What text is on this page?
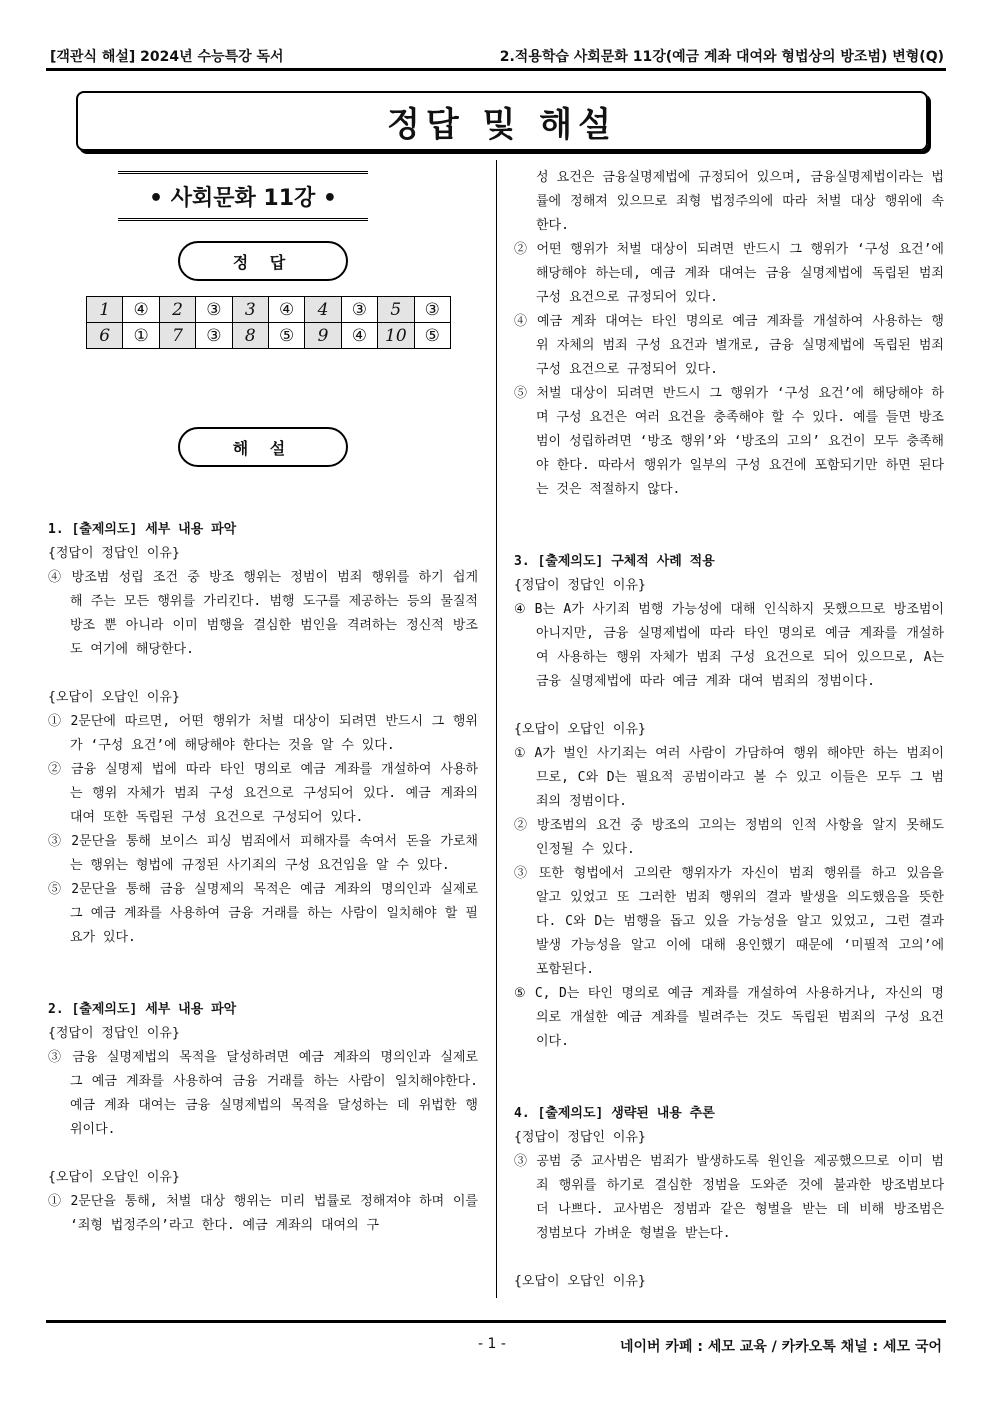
[객관식 해설] 2024년 수능특강 독서	2.적용학습 사회문화 11강(예금 계좌 대여와 형법상의 방조범) 변형(Q)
정답 및 해설
• 사회문화 11강 •
정 답
1	④	2	③	3	④	4	③	5	③
6	①	7	③	8	⑤	9	④	10	⑤
해 설
1. [출제의도] 세부 내용 파악
{정답이 정답인 이유}
④ 방조범 성립 조건 중 방조 행위는 정범이 범죄 행위를 하기 쉽게 해 주는 모든 행위를 가리킨다. 범행 도구를 제공하는 등의 물질적 방조 뿐 아니라 이미 범행을 결심한 범인을 격려하는 정신적 방조도 여기에 해당한다.
{오답이 오답인 이유}
① 2문단에 따르면, 어떤 행위가 처벌 대상이 되려면 반드시 그 행위가 ‘구성 요건’에 해당해야 한다는 것을 알 수 있다.
② 금융 실명제 법에 따라 타인 명의로 예금 계좌를 개설하여 사용하는 행위 자체가 범죄 구성 요건으로 구성되어 있다. 예금 계좌의 대여 또한 독립된 구성 요건으로 구성되어 있다.
③ 2문단을 통해 보이스 피싱 범죄에서 피해자를 속여서 돈을 가로채는 행위는 형법에 규정된 사기죄의 구성 요건임을 알 수 있다.
⑤ 2문단을 통해 금융 실명제의 목적은 예금 계좌의 명의인과 실제로 그 예금 계좌를 사용하여 금융 거래를 하는 사람이 일치해야 할 필요가 있다.
2. [출제의도] 세부 내용 파악
{정답이 정답인 이유}
③ 금융 실명제법의 목적을 달성하려면 예금 계좌의 명의인과 실제로 그 예금 계좌를 사용하여 금융 거래를 하는 사람이 일치해야한다. 예금 계좌 대여는 금융 실명제법의 목적을 달성하는 데 위법한 행위이다.
{오답이 오답인 이유}
① 2문단을 통해, 처벌 대상 행위는 미리 법률로 정해져야 하며 이를 ‘죄형 법정주의’라고 한다. 예금 계좌의 대여의 구
성 요건은 금융실명제법에 규정되어 있으며, 금융실명제법이라는 법률에 정해져 있으므로 죄형 법정주의에 따라 처벌 대상 행위에 속한다.
② 어떤 행위가 처벌 대상이 되려면 반드시 그 행위가 ‘구성 요건’에 해당해야 하는데, 예금 계좌 대여는 금융 실명제법에 독립된 범죄 구성 요건으로 규정되어 있다.
④ 예금 계좌 대여는 타인 명의로 예금 계좌를 개설하여 사용하는 행위 자체의 범죄 구성 요건과 별개로, 금융 실명제법에 독립된 범죄 구성 요건으로 규정되어 있다.
⑤ 처벌 대상이 되려면 반드시 그 행위가 ‘구성 요건’에 해당해야 하며 구성 요건은 여러 요건을 충족해야 할 수 있다. 예를 들면 방조범이 성립하려면 ‘방조 행위’와 ‘방조의 고의’ 요건이 모두 충족해야 한다. 따라서 행위가 일부의 구성 요건에 포함되기만 하면 된다는 것은 적절하지 않다.
3. [출제의도] 구체적 사례 적용
{정답이 정답인 이유}
④ B는 A가 사기죄 범행 가능성에 대해 인식하지 못했으므로 방조범이 아니지만, 금융 실명제법에 따라 타인 명의로 예금 계좌를 개설하여 사용하는 행위 자체가 범죄 구성 요건으로 되어 있으므로, A는 금융 실명제법에 따라 예금 계좌 대여 범죄의 정범이다.
{오답이 오답인 이유}
① A가 벌인 사기죄는 여러 사람이 가담하여 행위 해야만 하는 범죄이므로, C와 D는 필요적 공범이라고 볼 수 있고 이들은 모두 그 범죄의 정범이다.
② 방조범의 요건 중 방조의 고의는 정범의 인적 사항을 알지 못해도 인정될 수 있다.
③ 또한 형법에서 고의란 행위자가 자신이 범죄 행위를 하고 있음을 알고 있었고 또 그러한 범죄 행위의 결과 발생을 의도했음을 뜻한다. C와 D는 범행을 돕고 있을 가능성을 알고 있었고, 그런 결과 발생 가능성을 알고 이에 대해 용인했기 때문에 ‘미필적 고의’에 포함된다.
⑤ C, D는 타인 명의로 예금 계좌를 개설하여 사용하거나, 자신의 명의로 개설한 예금 계좌를 빌려주는 것도 독립된 범죄의 구성 요건이다.
4. [출제의도] 생략된 내용 추론
{정답이 정답인 이유}
③ 공범 중 교사범은 범죄가 발생하도록 원인을 제공했으므로 이미 범죄 행위를 하기로 결심한 정범을 도와준 것에 불과한 방조범보다 더 나쁘다. 교사범은 정범과 같은 형벌을 받는 데 비해 방조범은 정범보다 가벼운 형벌을 받는다.
{오답이 오답인 이유}
- 1 -	네이버 카페 : 세모 교육 / 카카오톡 채널 : 세모 국어
